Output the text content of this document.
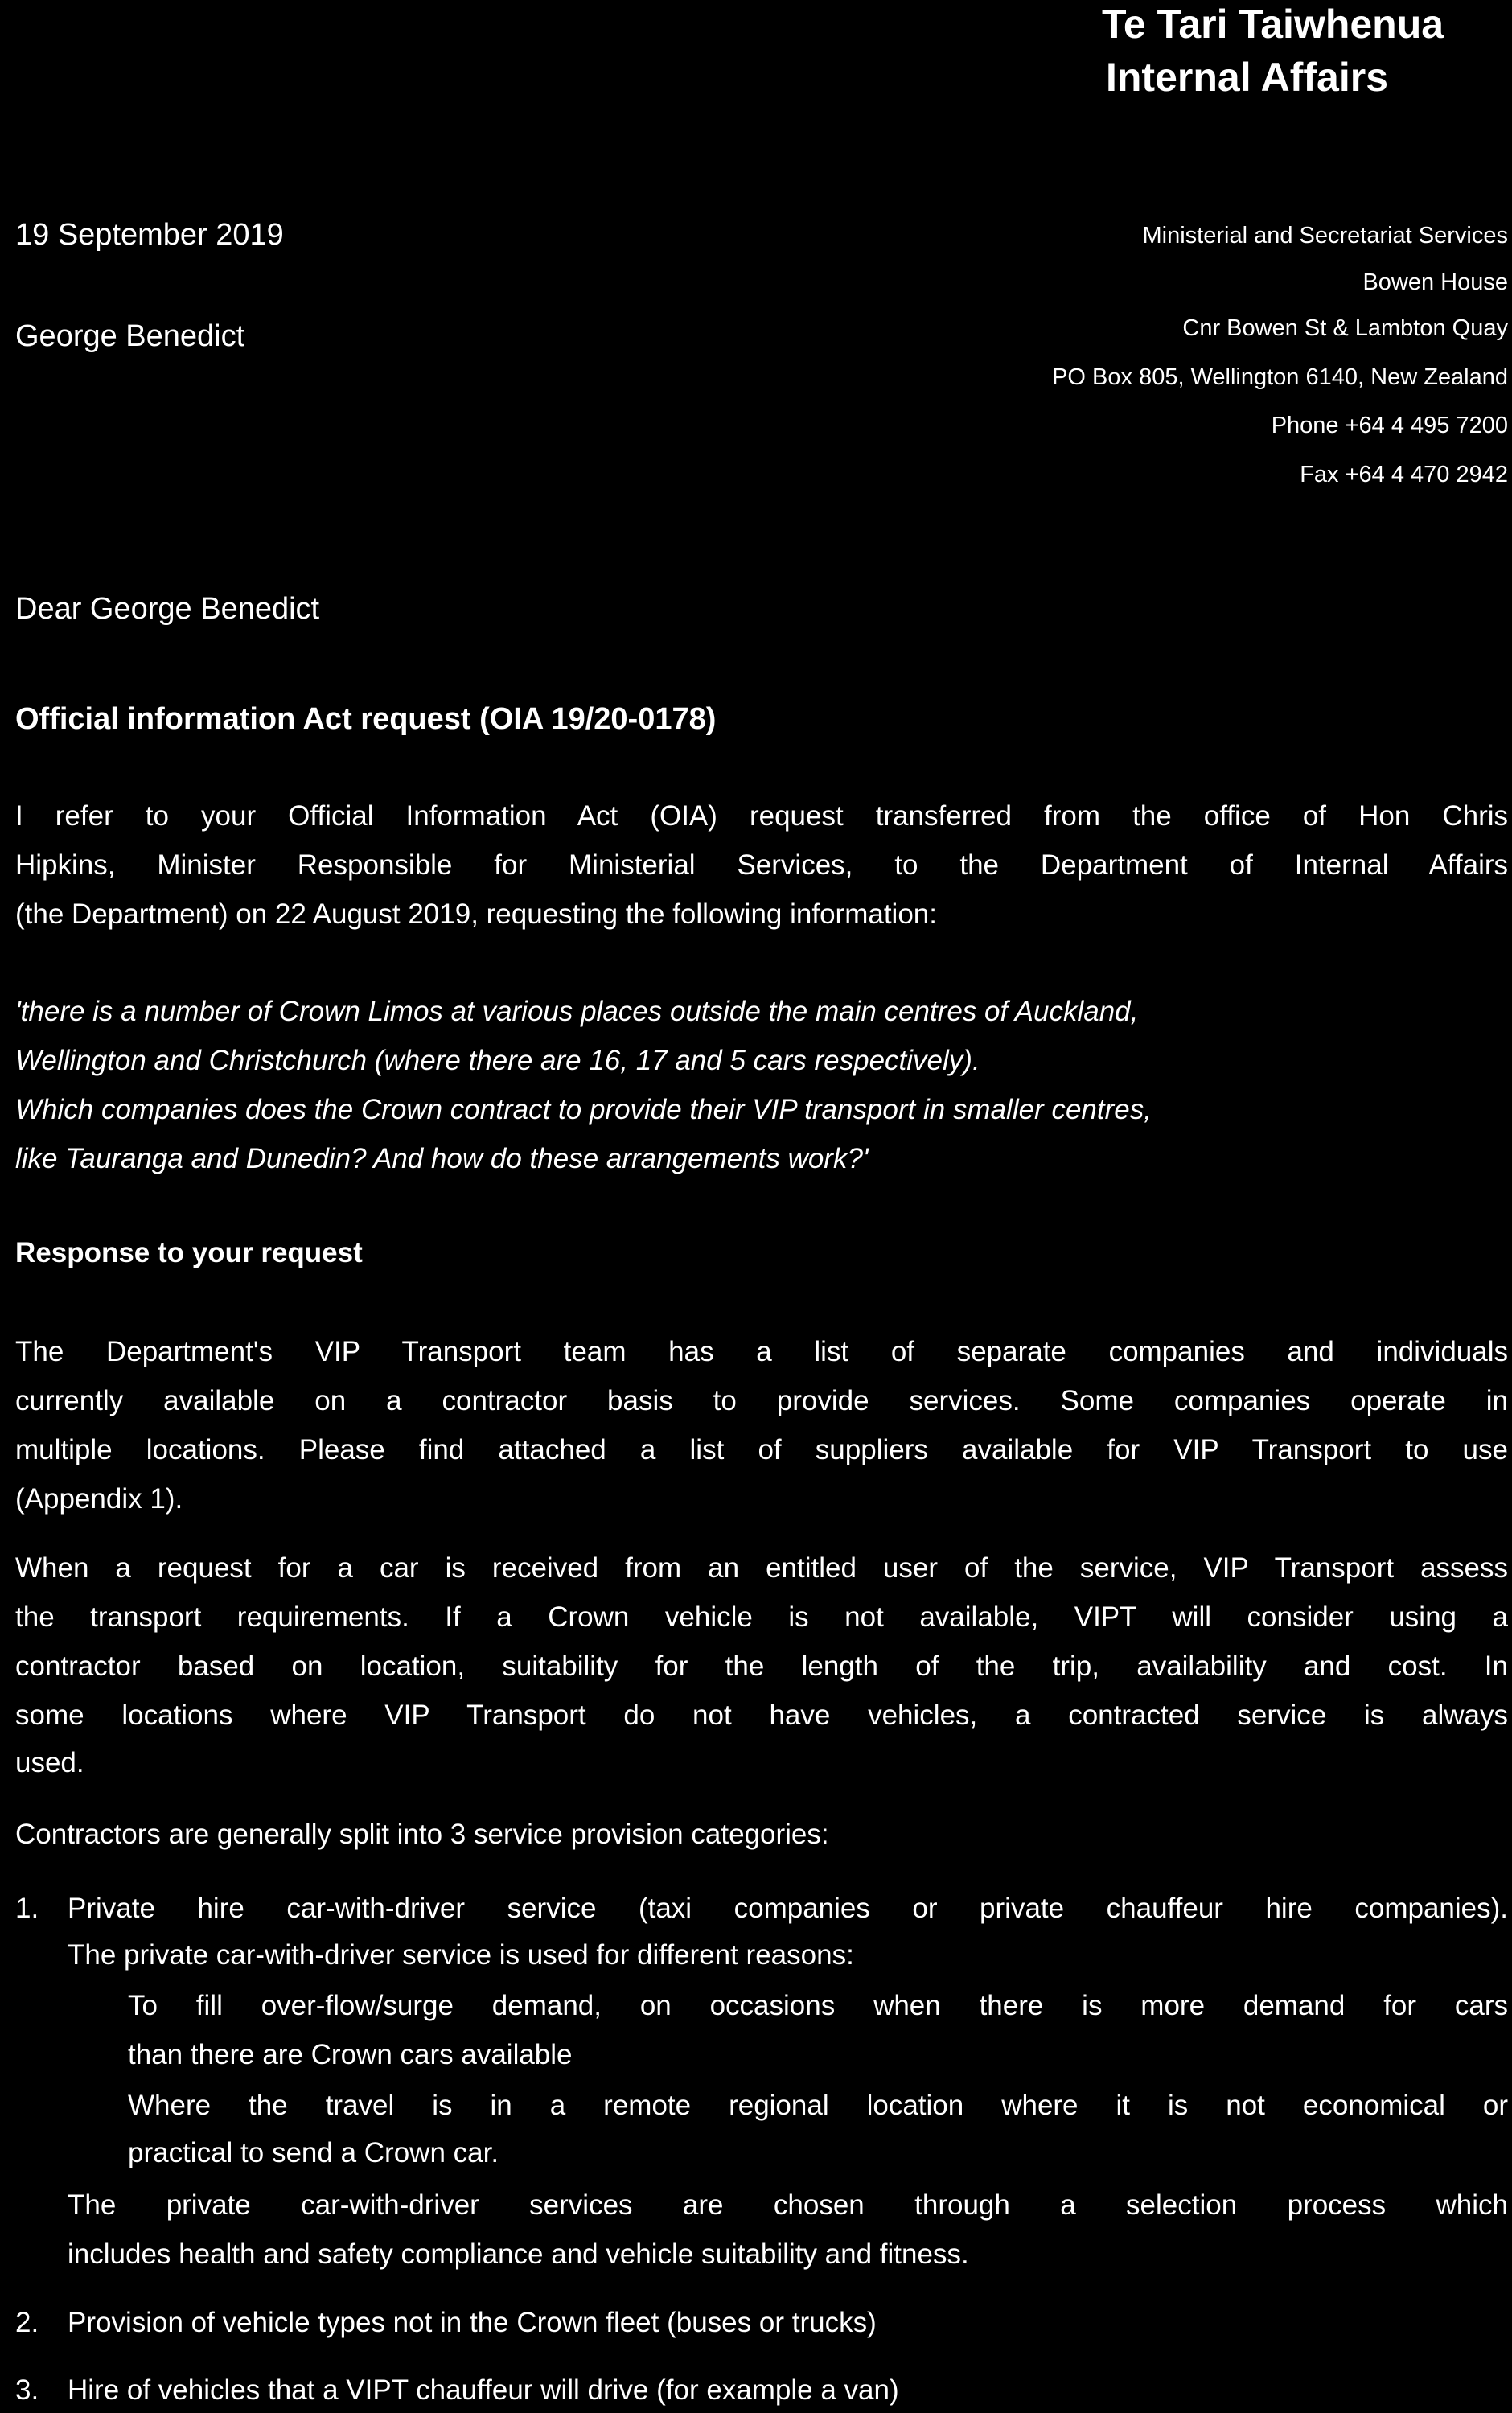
Te Tari Taiwhenua
Internal Affairs
19 September 2019
George Benedict
Dear George Benedict
Official information Act request (OIA 19/20-0178)
I refer to your Official Information Act (OIA) request transferred from the office of Hon Chris
Hipkins, Minister Responsible for Ministerial Services, to the Department of Internal Affairs
(the Department) on 22 August 2019, requesting the following information:
'there is a number of Crown Limos at various places outside the main centres of Auckland,
Wellington and Christchurch (where there are 16, 17 and 5 cars respectively).
Which companies does the Crown contract to provide their VIP transport in smaller centres,
like Tauranga and Dunedin? And how do these arrangements work?'
Response to your request
The Department's VIP Transport team has a list of separate companies and individuals
currently available on a contractor basis to provide services. Some companies operate in
multiple locations. Please find attached a list of suppliers available for VIP Transport to use
(Appendix 1).
When a request for a car is received from an entitled user of the service, VIP Transport assess
the transport requirements. If a Crown vehicle is not available, VIPT will consider using a
contractor based on location, suitability for the length of the trip, availability and cost. In
some locations where VIP Transport do not have vehicles, a contracted service is always
used.
Contractors are generally split into 3 service provision categories:
1. Private hire car-with-driver service (taxi companies or private chauffeur hire companies).
The private car-with-driver service is used for different reasons:
To fill over-flow/surge demand, on occasions when there is more demand for cars
than there are Crown cars available
Where the travel is in a remote regional location where it is not economical or
practical to send a Crown car.
The private car-with-driver services are chosen through a selection process which
includes health and safety compliance and vehicle suitability and fitness.
2. Provision of vehicle types not in the Crown fleet (buses or trucks)
3. Hire of vehicles that a VIPT chauffeur will drive (for example a van)
Ministerial and Secretariat Services
Bowen House
Cnr Bowen St & Lambton Quay
PO Box 805, Wellington 6140, New Zealand
Phone +64 4 495 7200
Fax +64 4 470 2942
